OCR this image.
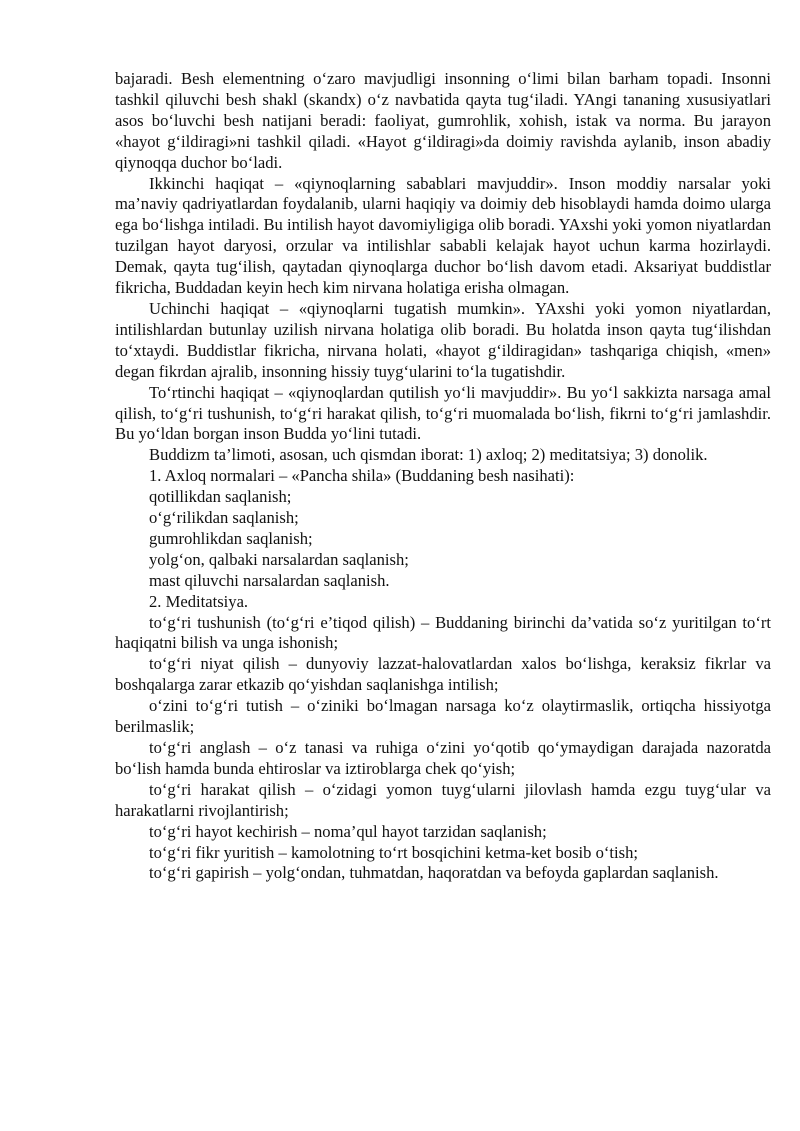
bajaradi. Besh elementning o‘zaro mavjudligi insonning o‘limi bilan barham topadi. Insonni tashkil qiluvchi besh shakl (skandx) o‘z navbatida qayta tug‘iladi. YAngi tananing xususiyatlari asos bo‘luvchi besh natijani beradi: faoliyat, gumrohlik, xohish, istak va norma. Bu jarayon «hayot g‘ildiragi»ni tashkil qiladi. «Hayot g‘ildiragi»da doimiy ravishda aylanib, inson abadiy qiynoqqa duchor bo‘ladi.

Ikkinchi haqiqat – «qiynoqlarning sabablari mavjuddir». Inson moddiy narsalar yoki ma’naviy qadriyatlardan foydalanib, ularni haqiqiy va doimiy deb hisoblaydi hamda doimo ularga ega bo‘lishga intiladi. Bu intilish hayot davomiyligiga olib boradi. YAxshi yoki yomon niyatlardan tuzilgan hayot daryosi, orzular va intilishlar sababli kelajak hayot uchun karma hozirlaydi. Demak, qayta tug‘ilish, qaytadan qiynoqlarga duchor bo‘lish davom etadi. Aksariyat buddistlar fikricha, Buddadan keyin hech kim nirvana holatiga erisha olmagan.

Uchinchi haqiqat – «qiynoqlarni tugatish mumkin». YAxshi yoki yomon niyatlardan, intilishlardan butunlay uzilish nirvana holatiga olib boradi. Bu holatda inson qayta tug‘ilishdan to‘xtaydi. Buddistlar fikricha, nirvana holati, «hayot g‘ildiragidan» tashqariga chiqish, «men» degan fikrdan ajralib, insonning hissiy tuyg‘ularini to‘la tugatishdir.

To‘rtinchi haqiqat – «qiynoqlardan qutilish yo‘li mavjuddir». Bu yo‘l sakkizta narsaga amal qilish, to‘g‘ri tushunish, to‘g‘ri harakat qilish, to‘g‘ri muomalada bo‘lish, fikrni to‘g‘ri jamlashdir. Bu yo‘ldan borgan inson Budda yo‘lini tutadi.

Buddizm ta’limoti, asosan, uch qismdan iborat: 1) axloq; 2) meditatsiya; 3) donolik.

1. Axloq normalari – «Pancha shila» (Buddaning besh nasihati):

qotillikdan saqlanish;

o‘g‘rilikdan saqlanish;

gumrohlikdan saqlanish;

yolg‘on, qalbaki narsalardan saqlanish;

mast qiluvchi narsalardan saqlanish.

2. Meditatsiya.

to‘g‘ri tushunish (to‘g‘ri e’tiqod qilish) – Buddaning birinchi da’vatida so‘z yuritilgan to‘rt haqiqatni bilish va unga ishonish;

to‘g‘ri niyat qilish – dunyoviy lazzat-halovatlardan xalos bo‘lishga, keraksiz fikrlar va boshqalarga zarar etkazib qo‘yishdan saqlanishga intilish;

o‘zini to‘g‘ri tutish – o‘ziniki bo‘lmagan narsaga ko‘z olaytirmaslik, ortiqcha hissiyotga berilmaslik;

to‘g‘ri anglash – o‘z tanasi va ruhiga o‘zini yo‘qotib qo‘ymaydigan darajada nazoratda bo‘lish hamda bunda ehtiroslar va iztiroblarga chek qo‘yish;

to‘g‘ri harakat qilish – o‘zidagi yomon tuyg‘ularni jilovlash hamda ezgu tuyg‘ular va harakatlarni rivojlantirish;

to‘g‘ri hayot kechirish – noma’qul hayot tarzidan saqlanish;

to‘g‘ri fikr yuritish – kamolotning to‘rt bosqichini ketma-ket bosib o‘tish;

to‘g‘ri gapirish – yolg‘ondan, tuhmatdan, haqoratdan va befoyda gaplardan saqlanish.
